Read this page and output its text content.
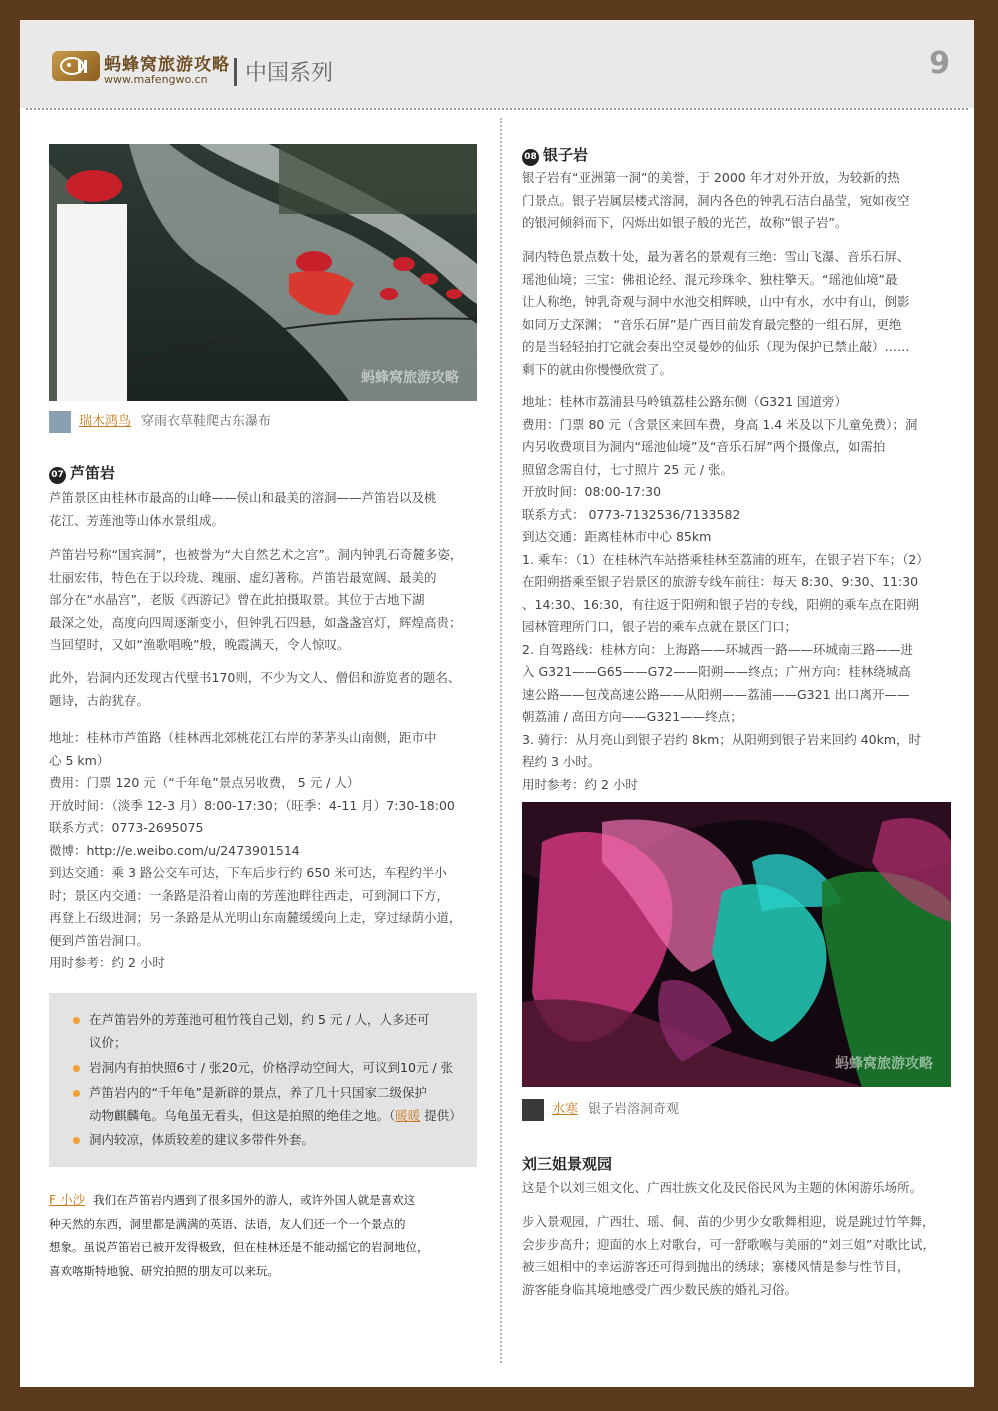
蚂蜂窝旅游攻略
www.mafengwo.cn 中国系列	9
蚂蜂窝旅游攻略
瑞木鸿鸟 穿雨衣草鞋爬古东瀑布
07 芦笛岩
芦笛景区由桂林市最高的山峰——侯山和最美的溶洞——芦笛岩以及桃
花江、芳莲池等山体水景组成。
芦笛岩号称“国宾洞”，也被誉为“大自然艺术之宫”。洞内钟乳石奇麓多姿，
壮丽宏伟，特色在于以玲珑、瑰丽、虚幻著称。芦笛岩最宽阔、最美的
部分在“水晶宫”，老版《西游记》曾在此拍摄取景。其位于古地下湖
最深之处，高度向四周逐渐变小，但钟乳石四悬，如盏盏宫灯，辉煌高贵；
当回望时，又如“渔歌唱晚”般，晚霞满天，令人惊叹。
此外，岩洞内还发现古代壁书170则，不少为文人、僧侣和游览者的题名、
题诗，古韵犹存。
地址：桂林市芦笛路（桂林西北郊桃花江右岸的茅茅头山南侧，距市中
心 5 km）
费用：门票 120 元（“千年龟”景点另收费， 5 元 / 人）
开放时间：（淡季 12-3 月）8:00-17:30；（旺季：4-11 月）7:30-18:00
联系方式：0773-2695075
微博：http://e.weibo.com/u/2473901514
到达交通：乘 3 路公交车可达，下车后步行约 650 米可达，车程约半小
时；景区内交通：一条路是沿着山南的芳莲池畔往西走，可到洞口下方，
再登上石级进洞；另一条路是从光明山东南麓缓缓向上走，穿过绿荫小道，
便到芦笛岩洞口。
用时参考：约 2 小时
在芦笛岩外的芳莲池可租竹筏自己划，约 5 元 / 人，人多还可
议价；
岩洞内有拍快照6寸 / 张20元，价格浮动空间大，可议到10元 / 张
芦笛岩内的“千年龟”是新辟的景点，养了几十只国家二级保护
动物麒麟龟。乌龟虽无看头，但这是拍照的绝佳之地。（暖暖 提供）
洞内较凉，体质较差的建议多带件外套。
F 小沙 我们在芦笛岩内遇到了很多国外的游人，或许外国人就是喜欢这
种天然的东西，洞里都是满满的英语、法语，友人们还一个一个景点的
想象。虽说芦笛岩已被开发得极致，但在桂林还是不能动摇它的岩洞地位，
喜欢喀斯特地貌、研究拍照的朋友可以来玩。
08 银子岩
银子岩有“亚洲第一洞”的美誉，于 2000 年才对外开放，为较新的热
门景点。银子岩属层楼式溶洞，洞内各色的钟乳石洁白晶莹，宛如夜空
的银河倾斜而下，闪烁出如银子般的光芒，故称“银子岩”。
洞内特色景点数十处，最为著名的景观有三绝：雪山飞瀑、音乐石屏、
瑶池仙境；三宝：佛祖论经、混元珍珠伞、独柱擎天。“瑶池仙境”最
让人称绝，钟乳奇观与洞中水池交相辉映，山中有水，水中有山，倒影
如同万丈深渊； “音乐石屏”是广西目前发育最完整的一组石屏，更绝
的是当轻轻拍打它就会奏出空灵曼妙的仙乐（现为保护已禁止敲）……
剩下的就由你慢慢欣赏了。
地址：桂林市荔浦县马岭镇荔桂公路东侧（G321 国道旁）
费用：门票 80 元（含景区来回车费，身高 1.4 米及以下儿童免费）；洞
内另收费项目为洞内“瑶池仙境”及“音乐石屏”两个摄像点，如需拍
照留念需自付，七寸照片 25 元 / 张。
开放时间：08:00-17:30
联系方式： 0773-7132536/7133582
到达交通：距离桂林市中心 85km
1. 乘车：（1）在桂林汽车站搭乘桂林至荔浦的班车，在银子岩下车；（2）
在阳朔搭乘至银子岩景区的旅游专线车前往：每天 8:30、9:30、11:30
、14:30、16:30，有往返于阳朔和银子岩的专线，阳朔的乘车点在阳朔
园林管理所门口，银子岩的乘车点就在景区门口；
2. 自驾路线：桂林方向：上海路——环城西一路——环城南三路——进
入 G321——G65——G72——阳朔——终点；广州方向：桂林绕城高
速公路——包茂高速公路——从阳朔——荔浦——G321 出口离开——
朝荔浦 / 高田方向——G321——终点；
3. 骑行：从月亮山到银子岩约 8km；从阳朔到银子岩来回约 40km，时
程约 3 小时。
用时参考：约 2 小时
蚂蜂窝旅游攻略
水寒 银子岩溶洞奇观
刘三姐景观园
这是个以刘三姐文化、广西壮族文化及民俗民风为主题的休闲游乐场所。
步入景观园，广西壮、瑶、侗、苗的少男少女歌舞相迎，说是跳过竹竿舞，
会步步高升；迎面的水上对歌台，可一舒歌喉与美丽的“刘三姐”对歌比试，
被三姐相中的幸运游客还可得到抛出的绣球；寨楼风情是参与性节目，
游客能身临其境地感受广西少数民族的婚礼习俗。
